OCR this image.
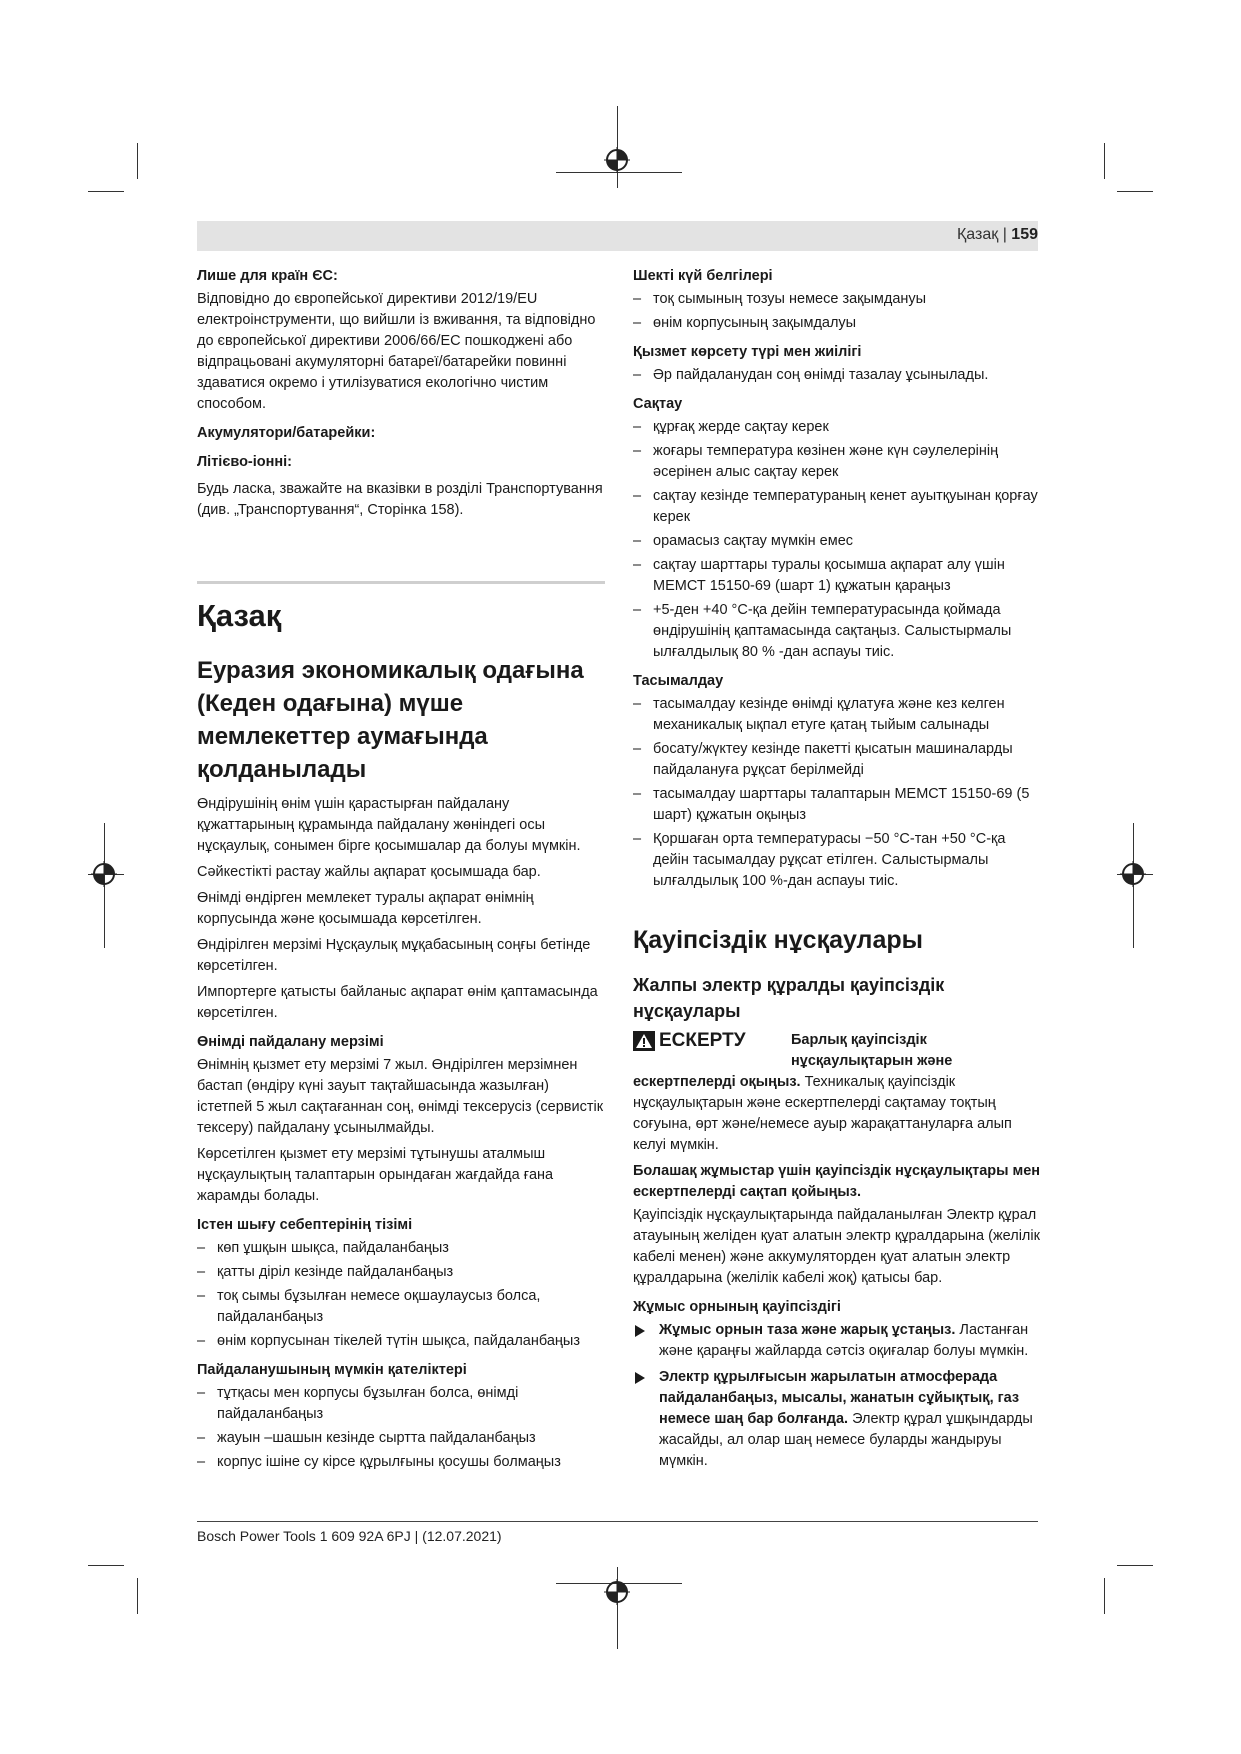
Қазақ | 159
Лише для країн ЄС:

Відповідно до європейської директиви 2012/19/EU електроінструменти, що вийшли із вживання, та відповідно до європейської директиви 2006/66/EC пошкоджені або відпрацьовані акумуляторні батареї/батарейки повинні здаватися окремо і утилізуватися екологічно чистим способом.

Акумулятори/батарейки:
Літієво-іонні:

Будь ласка, зважайте на вказівки в розділі Транспортування (див. „Транспортування“, Сторінка 158).

Қазақ
Еуразия экономикалық одағына (Кеден одағына) мүше мемлекеттер аумағында қолданылады

Өндірушінің өнім үшін қарастырған пайдалану құжаттарының құрамында пайдалану жөніндегі осы нұсқаулық, сонымен бірге қосымшалар да болуы мүмкін.

Сәйкестікті растау жайлы ақпарат қосымшада бар.

Өнімді өндірген мемлекет туралы ақпарат өнімнің корпусында және қосымшада көрсетілген.

Өндірілген мерзімі Нұсқаулық мұқабасының соңғы бетінде көрсетілген.

Импортерге қатысты байланыс ақпарат өнім қаптамасында көрсетілген.

Өнімді пайдалану мерзімі

Өнімнің қызмет ету мерзімі 7 жыл. Өндірілген мерзімнен бастап (өндіру күні зауыт тақтайшасында жазылған) істетпей 5 жыл сақтағаннан соң, өнімді тексерусіз (сервистік тексеру) пайдалану ұсынылмайды.

Көрсетілген қызмет ету мерзімі тұтынушы аталмыш нұсқаулықтың талаптарын орындаған жағдайда ғана жарамды болады.

Істен шығу себептерінің тізімі
– көп ұшқын шықса, пайдаланбаңыз
– қатты діріл кезінде пайдаланбаңыз
– тоқ сымы бұзылған немесе оқшаулаусыз болса, пайдаланбаңыз
– өнім корпусынан тікелей түтін шықса, пайдаланбаңыз
Пайдаланушының мүмкін қателіктері
– тұтқасы мен корпусы бұзылған болса, өнімді пайдаланбаңыз
– жауын –шашын кезінде сыртта пайдаланбаңыз
– корпус ішіне су кірсе құрылғыны қосушы болмаңыз
Шекті күй белгілері
– тоқ сымының тозуы немесе зақымдануы
– өнім корпусының зақымдалуы
Қызмет көрсету түрі мен жиілігі
– Әр пайдаланудан соң өнімді тазалау ұсынылады.
Сақтау
– құрғақ жерде сақтау керек
– жоғары температура көзінен және күн сәулелерінің әсерінен алыс сақтау керек
– сақтау кезінде температураның кенет ауытқуынан қорғау керек
– орамасыз сақтау мүмкін емес
– сақтау шарттары туралы қосымша ақпарат алу үшін МЕМСТ 15150-69 (шарт 1) құжатын қараңыз
– +5-ден +40 °C-қа дейін температурасында қоймада өндірушінің қаптамасында сақтаңыз. Салыстырмалы ылғалдылық 80 % -дан аспауы тиіс.
Тасымалдау
– тасымалдау кезінде өнімді құлатуға және кез келген механикалық ықпал етуге қатаң тыйым салынады
– босату/жүктеу кезінде пакетті қысатын машиналарды пайдалануға рұқсат берілмейді
– тасымалдау шарттары талаптарын МЕМСТ 15150-69 (5 шарт) құжатын оқыңыз
– Қоршаған орта температурасы −50 °C-тан +50 °C-қа дейін тасымалдау рұқсат етілген. Салыстырмалы ылғалдылық 100 %-дан аспауы тиіс.
Қауіпсіздік нұсқаулары
Жалпы электр құралды қауіпсіздік нұсқаулары
ЕСКЕРТУ	Барлық қауіпсіздік нұсқаулықтарын және

ескертпелерді оқыңыз. Техникалық қауіпсіздік нұсқаулықтарын және ескертпелерді сақтамау тоқтың соғуына, өрт және/немесе ауыр жарақаттануларға алып келуі мүмкін.

Болашақ жұмыстар үшін қауіпсіздік нұсқаулықтары мен ескертпелерді сақтап қойыңыз.

Қауіпсіздік нұсқаулықтарында пайдаланылған Электр құрал атауының желіден қуат алатын электр құралдарына (желілік кабелі менен) және аккумуляторден қуат алатын электр құралдарына (желілік кабелі жоқ) қатысы бар.

Жұмыс орнының қауіпсіздігі
Жұмыс орнын таза және жарық ұстаңыз. Ластанған және қараңғы жайларда сәтсіз оқиғалар болуы мүмкін.
Электр құрылғысын жарылатын атмосферада пайдаланбаңыз, мысалы, жанатын сұйықтық, газ немесе шаң бар болғанда. Электр құрал ұшқындарды жасайды, ал олар шаң немесе буларды жандыруы мүмкін.
Bosch Power Tools 1 609 92A 6PJ | (12.07.2021)
